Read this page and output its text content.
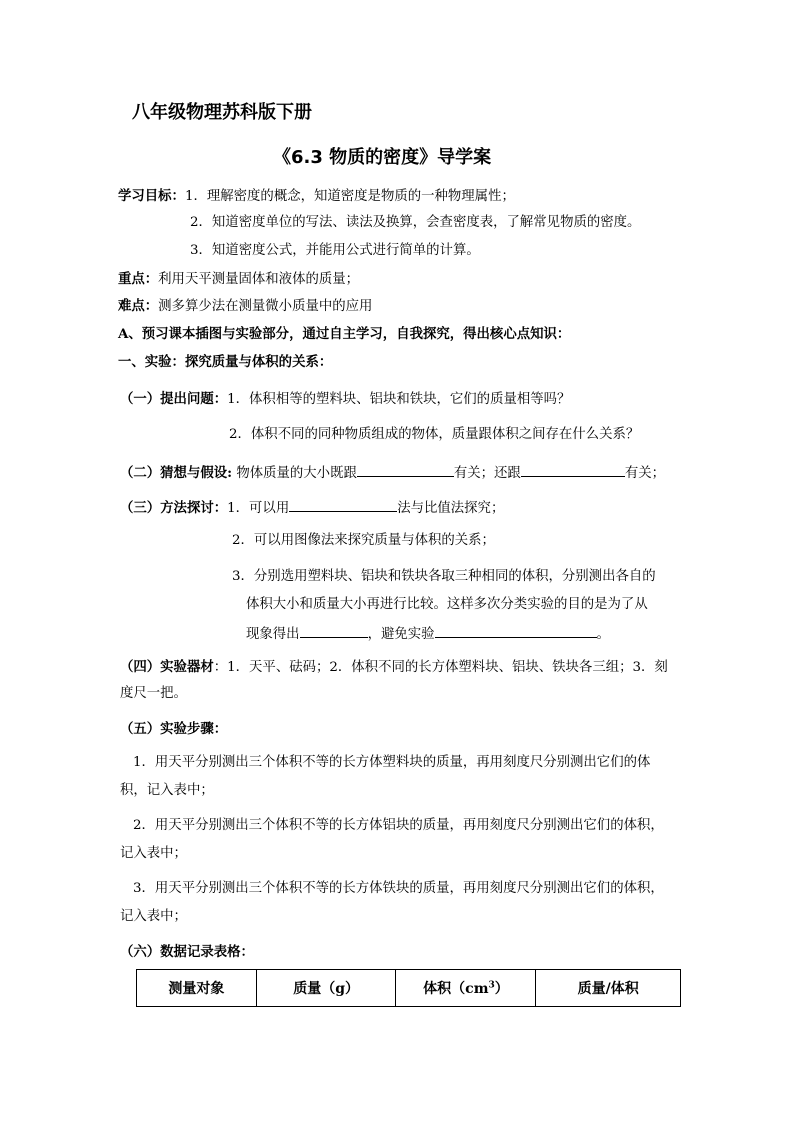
八年级物理苏科版下册
《6.3 物质的密度》导学案
学习目标：1．理解密度的概念，知道密度是物质的一种物理属性；
2．知道密度单位的写法、读法及换算，会查密度表，了解常见物质的密度。
3．知道密度公式，并能用公式进行简单的计算。
重点：利用天平测量固体和液体的质量；
难点：测多算少法在测量微小质量中的应用
A、预习课本插图与实验部分，通过自主学习，自我探究，得出核心点知识：
一、实验：探究质量与体积的关系：
（一）提出问题：1．体积相等的塑料块、铝块和铁块，它们的质量相等吗？
2．体积不同的同种物质组成的物体，质量跟体积之间存在什么关系？
（二）猜想与假设: 物体质量的大小既跟	有关；还跟	有关；
（三）方法探讨：1．可以用	法与比值法探究；
2．可以用图像法来探究质量与体积的关系；
3．分别选用塑料块、铝块和铁块各取三种相同的体积，分别测出各自的
体积大小和质量大小再进行比较。这样多次分类实验的目的是为了从
现象得出	，避免实验	。
（四）实验器材：1．天平、砝码；2．体积不同的长方体塑料块、铝块、铁块各三组；3．刻
度尺一把。
（五）实验步骤：
1．用天平分别测出三个体积不等的长方体塑料块的质量，再用刻度尺分别测出它们的体
积，记入表中；
2．用天平分别测出三个体积不等的长方体铝块的质量，再用刻度尺分别测出它们的体积，
记入表中；
3．用天平分别测出三个体积不等的长方体铁块的质量，再用刻度尺分别测出它们的体积，
记入表中；
（六）数据记录表格：
测量对象	质量（g）	体积$(cm^3)$	质量/体积
